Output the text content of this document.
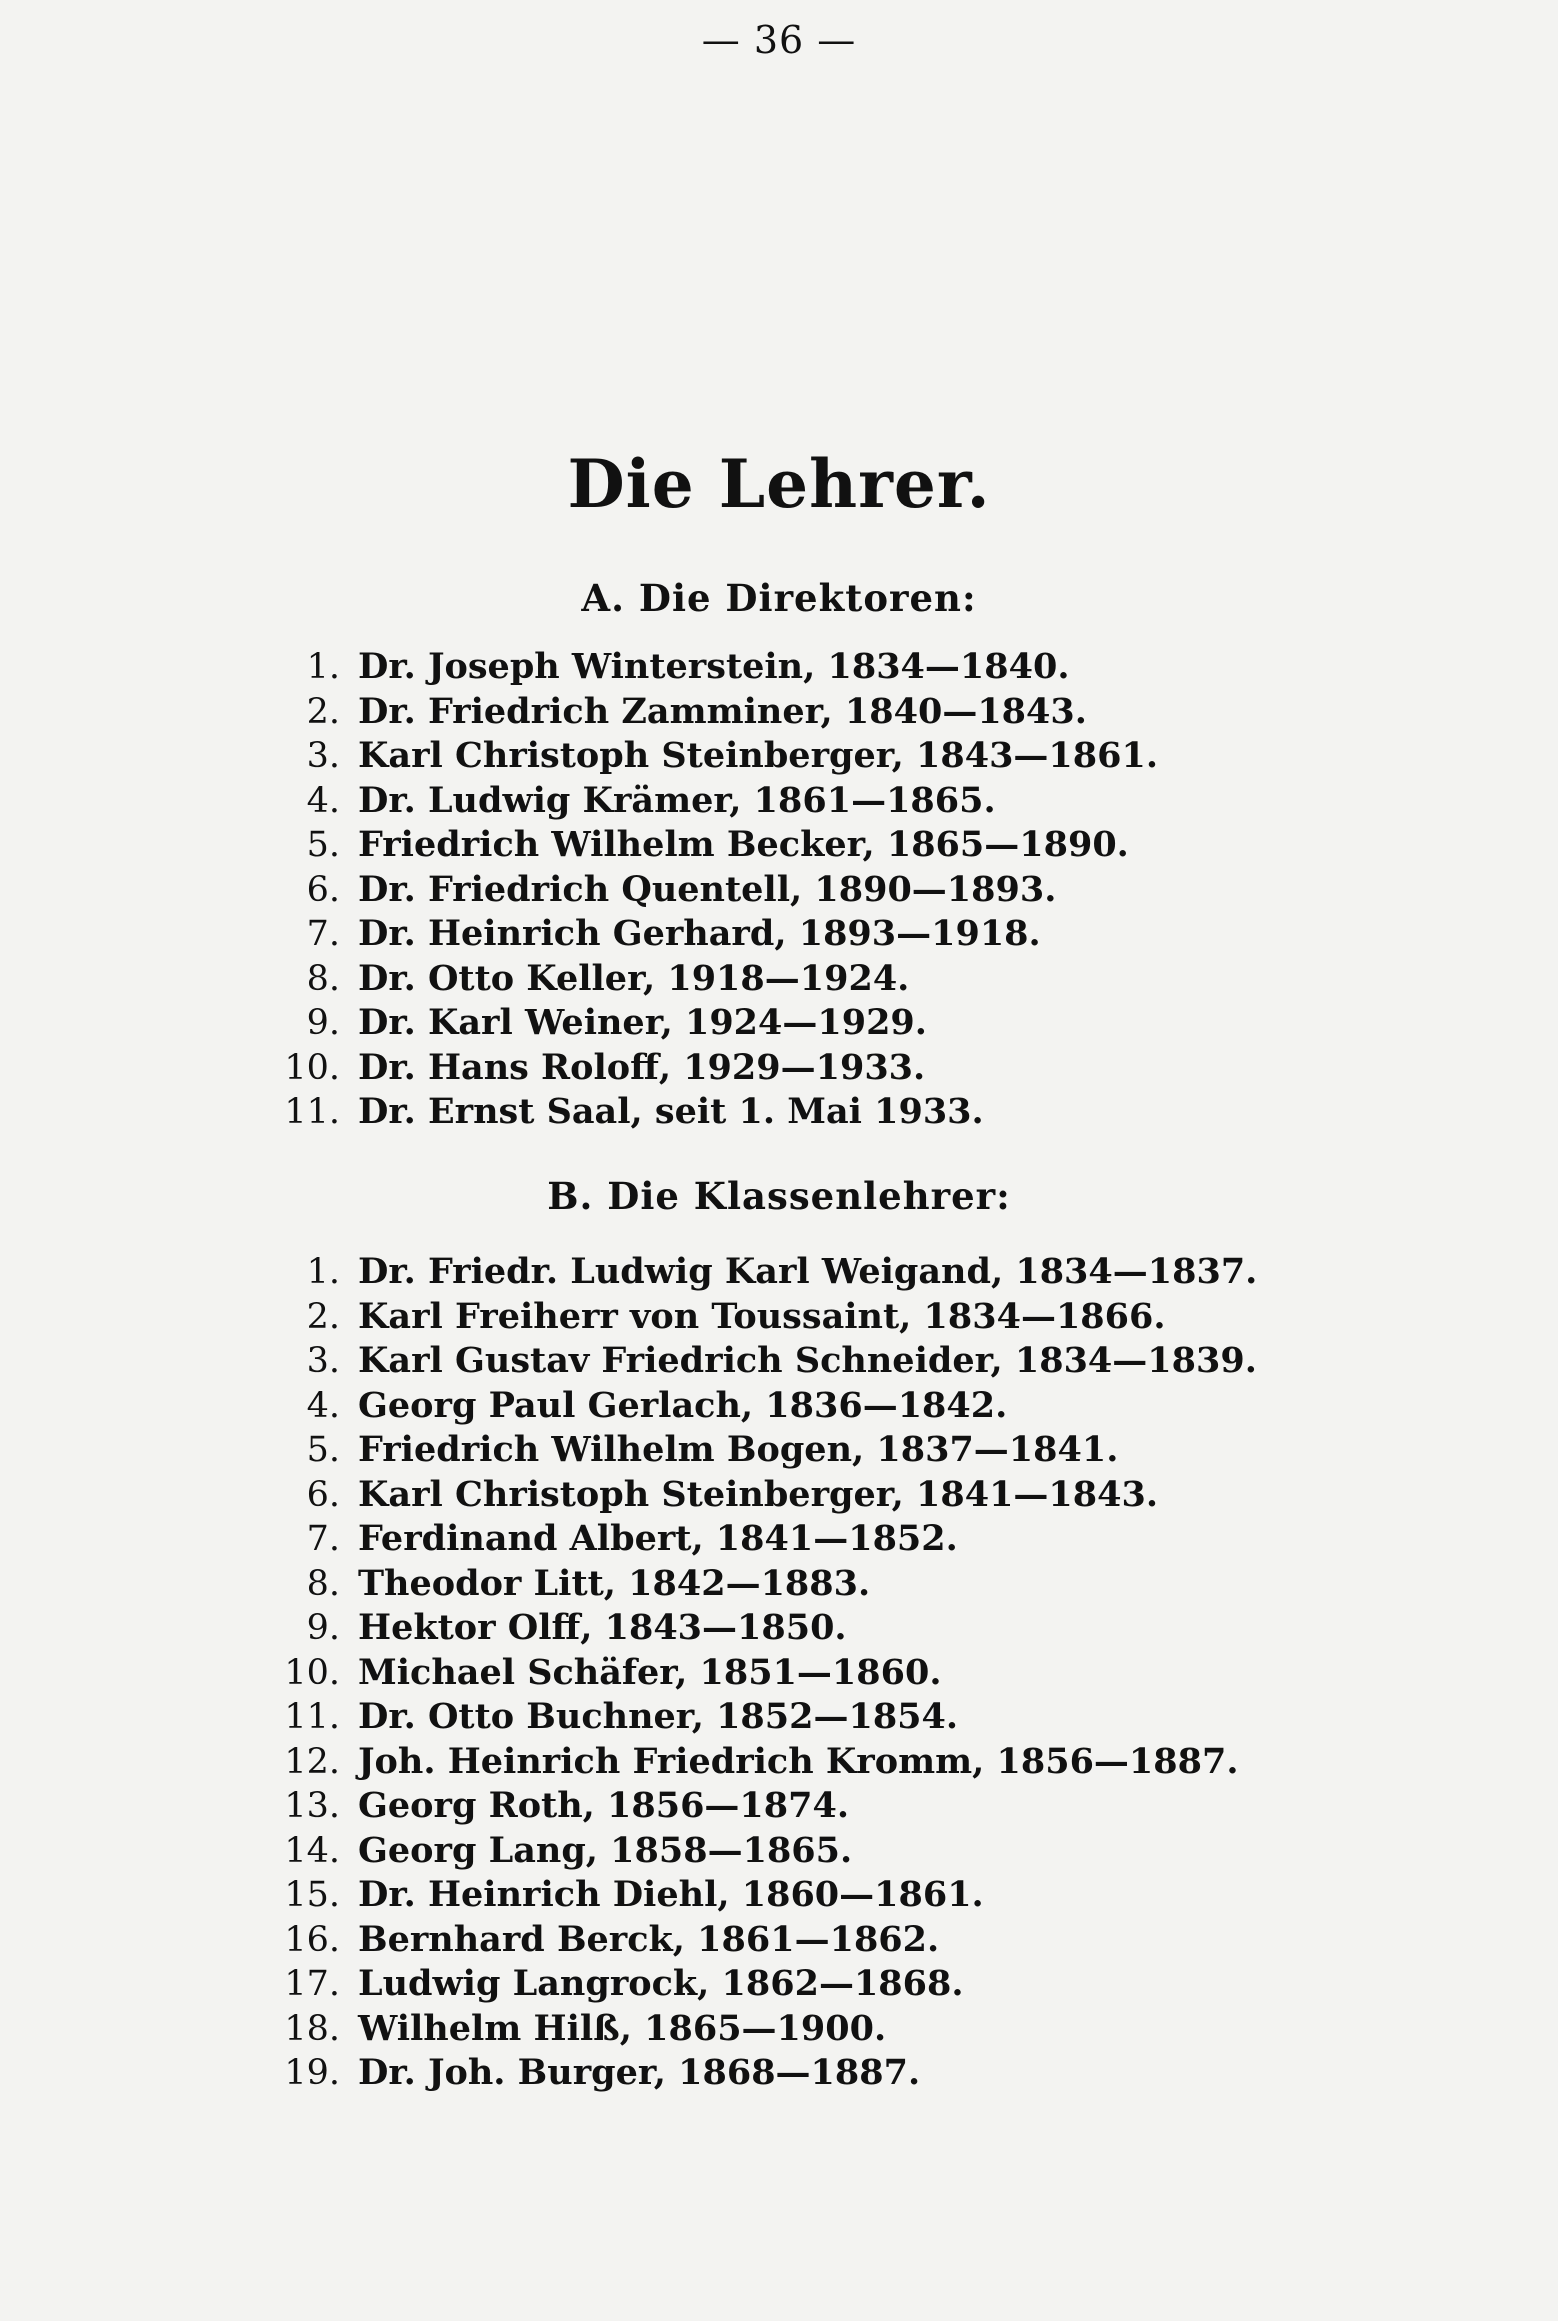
— 36 —
Die Lehrer.
A. Die Direktoren:
1. Dr. Joseph Winterstein, 1834—1840.
2. Dr. Friedrich Zamminer, 1840—1843.
3. Karl Christoph Steinberger, 1843—1861.
4. Dr. Ludwig Krämer, 1861—1865.
5. Friedrich Wilhelm Becker, 1865—1890.
6. Dr. Friedrich Quentell, 1890—1893.
7. Dr. Heinrich Gerhard, 1893—1918.
8. Dr. Otto Keller, 1918—1924.
9. Dr. Karl Weiner, 1924—1929.
10. Dr. Hans Roloff, 1929—1933.
11. Dr. Ernst Saal, seit 1. Mai 1933.
B. Die Klassenlehrer:
1. Dr. Friedr. Ludwig Karl Weigand, 1834—1837.
2. Karl Freiherr von Toussaint, 1834—1866.
3. Karl Gustav Friedrich Schneider, 1834—1839.
4. Georg Paul Gerlach, 1836—1842.
5. Friedrich Wilhelm Bogen, 1837—1841.
6. Karl Christoph Steinberger, 1841—1843.
7. Ferdinand Albert, 1841—1852.
8. Theodor Litt, 1842—1883.
9. Hektor Olff, 1843—1850.
10. Michael Schäfer, 1851—1860.
11. Dr. Otto Buchner, 1852—1854.
12. Joh. Heinrich Friedrich Kromm, 1856—1887.
13. Georg Roth, 1856—1874.
14. Georg Lang, 1858—1865.
15. Dr. Heinrich Diehl, 1860—1861.
16. Bernhard Berck, 1861—1862.
17. Ludwig Langrock, 1862—1868.
18. Wilhelm Hilß, 1865—1900.
19. Dr. Joh. Burger, 1868—1887.
